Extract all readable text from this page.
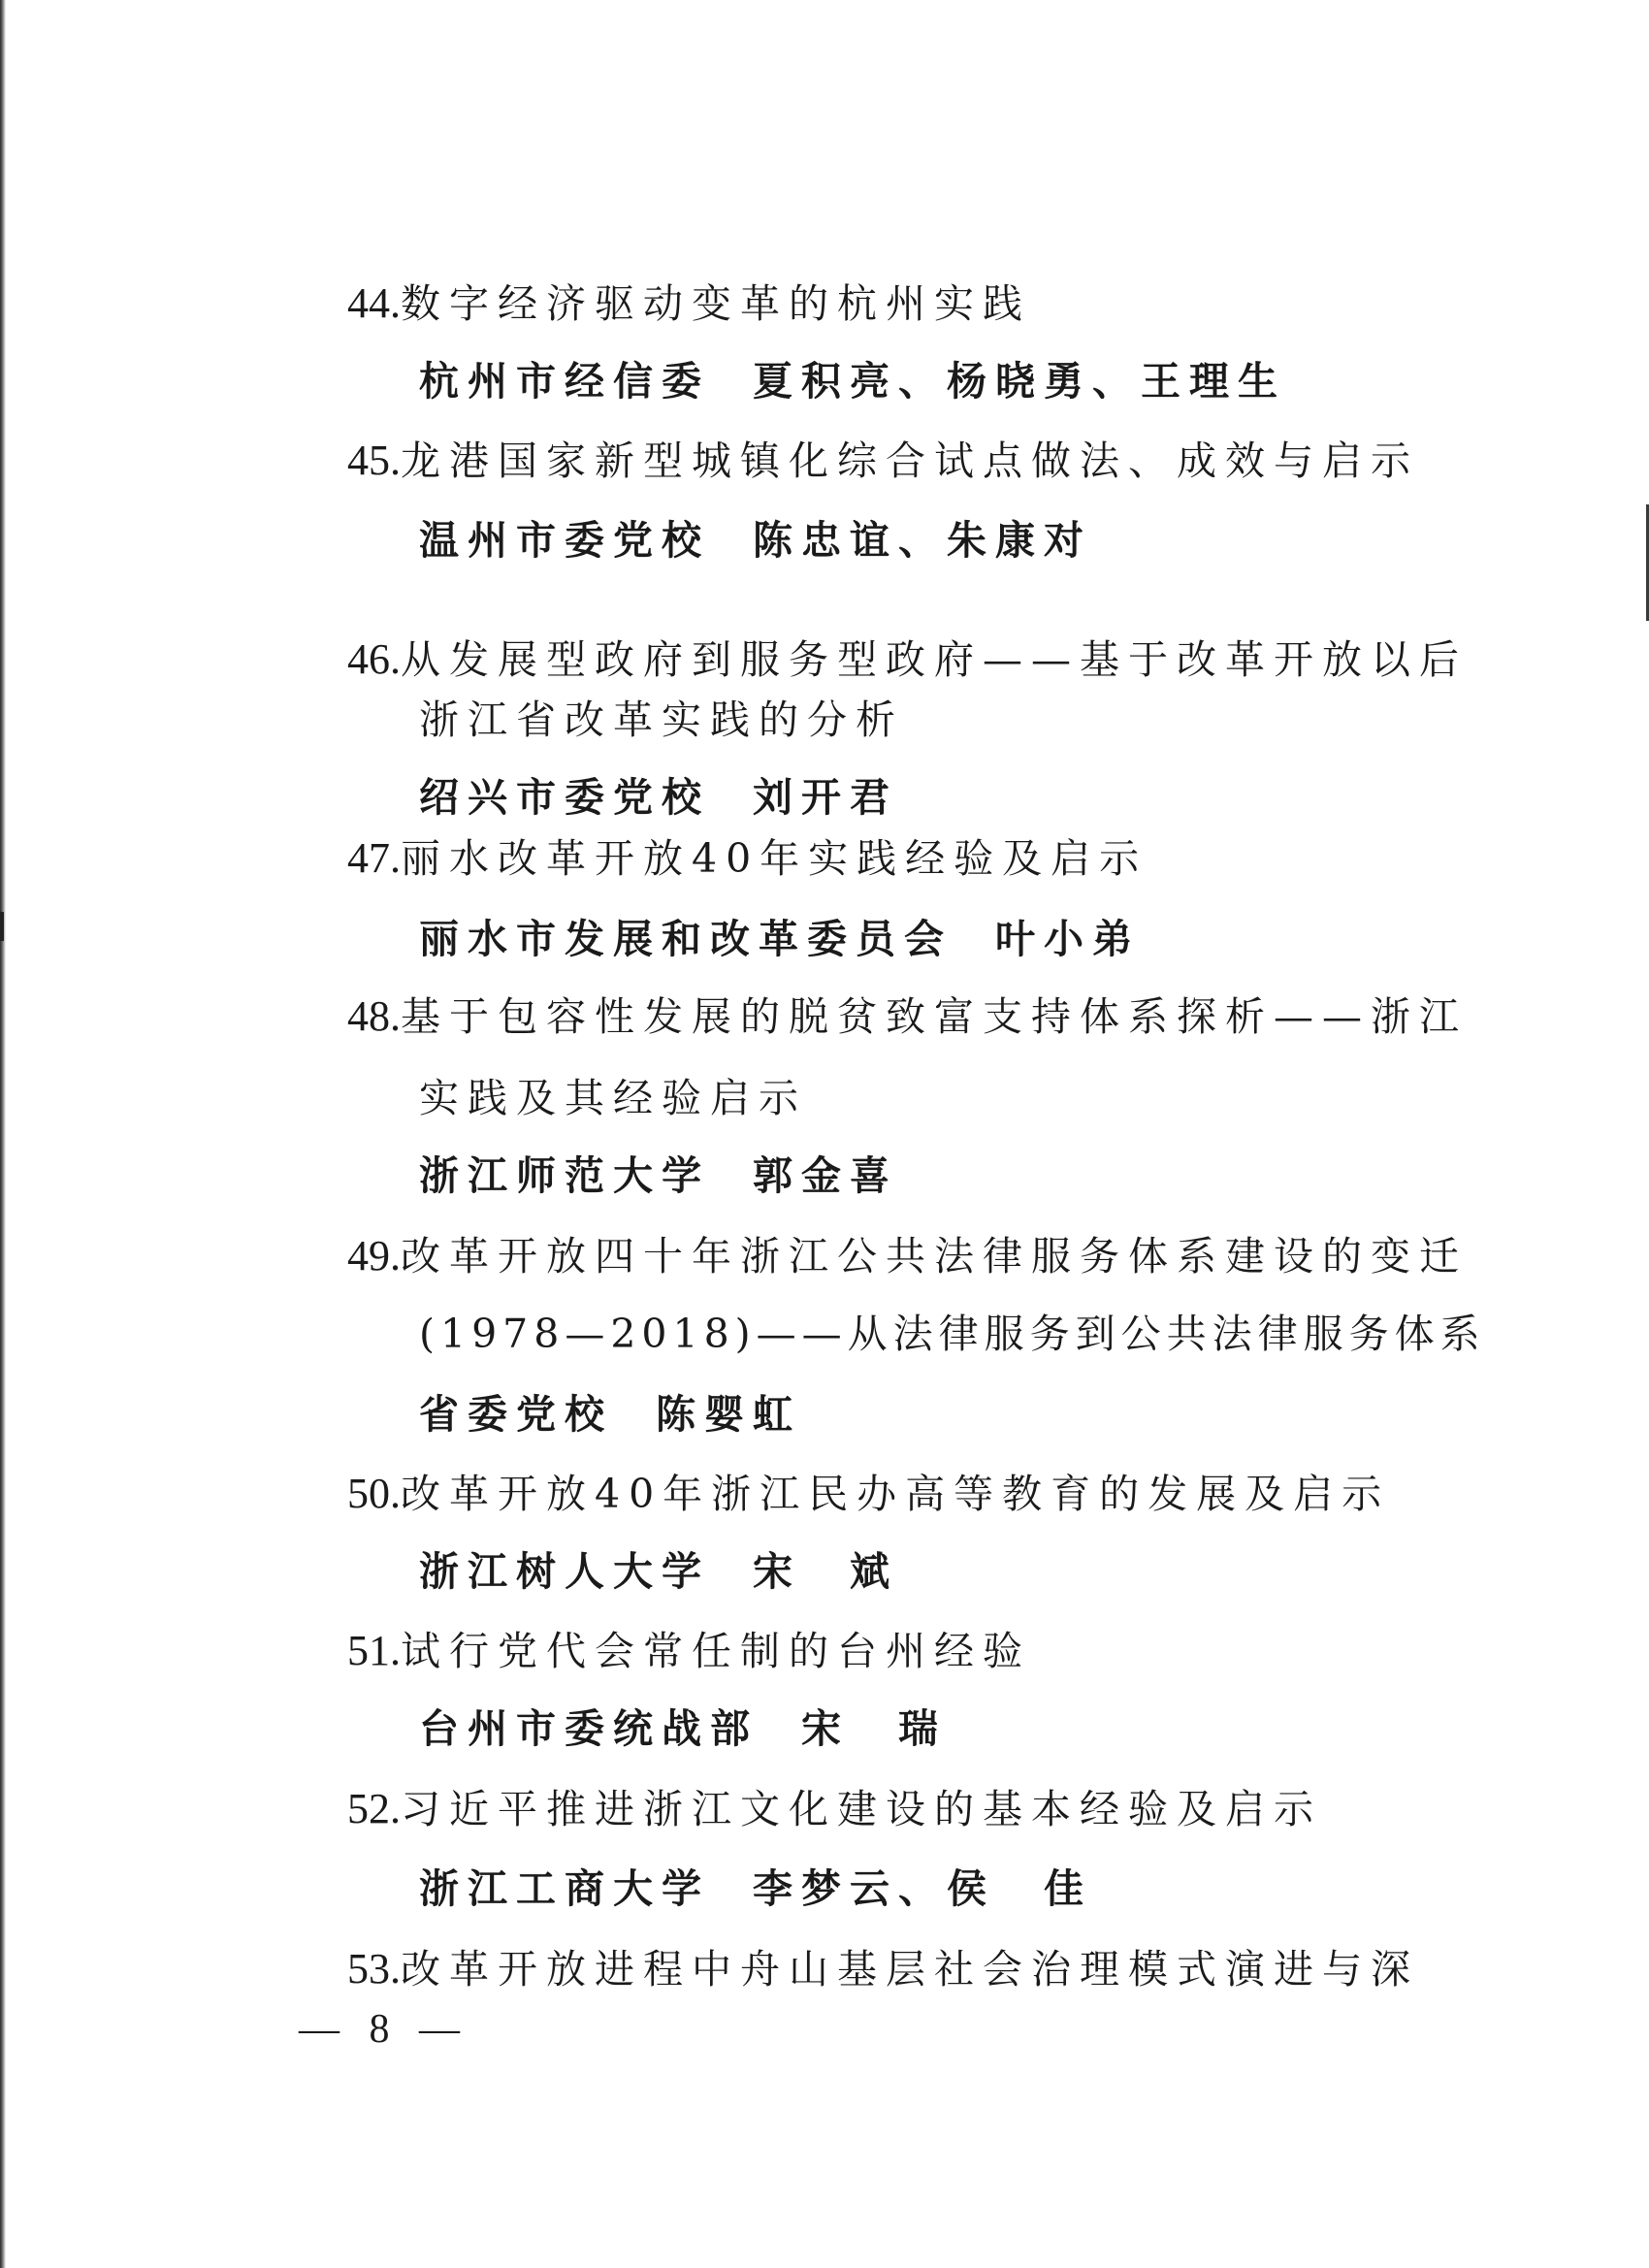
44.数字经济驱动变革的杭州实践
杭州市经信委 夏积亮、杨晓勇、王理生
45.龙港国家新型城镇化综合试点做法、成效与启示
温州市委党校 陈忠谊、朱康对
46.从发展型政府到服务型政府——基于改革开放以后
浙江省改革实践的分析
绍兴市委党校 刘开君
47.丽水改革开放40年实践经验及启示
丽水市发展和改革委员会 叶小弟
48.基于包容性发展的脱贫致富支持体系探析——浙江
实践及其经验启示
浙江师范大学 郭金喜
49.改革开放四十年浙江公共法律服务体系建设的变迁
(1978—2018)——从法律服务到公共法律服务体系
省委党校 陈婴虹
50.改革开放40年浙江民办高等教育的发展及启示
浙江树人大学 宋　斌
51.试行党代会常任制的台州经验
台州市委统战部 宋　瑞
52.习近平推进浙江文化建设的基本经验及启示
浙江工商大学 李梦云、侯　佳
53.改革开放进程中舟山基层社会治理模式演进与深
— 8 —
